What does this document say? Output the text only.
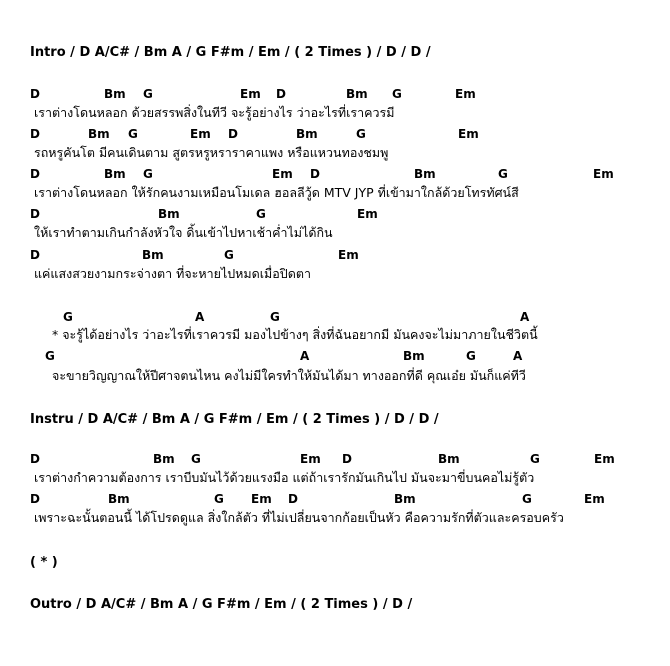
Intro / D A/C# / Bm A / G F#m / Em / ( 2 Times ) / D / D /
D	Bm G	Em D	Bm G	Em
เราต่างโดนหลอก ด้วยสรรพสิ่งในทีวี จะรู้อย่างไร ว่าอะไรที่เราควรมี
D	Bm G	Em D	Bm	G	Em
รถหรูคันโต มีคนเดินตาม สูตรหรูหราราคาแพง หรือแหวนทองชมพู
D	Bm G	Em D	Bm	G	Em
เราต่างโดนหลอก ให้รักคนงามเหมือนโมเดล ฮอลลีวู้ด MTV JYP ที่เข้ามาใกล้ด้วยโทรทัศน์สี
D	Bm	G	Em
ให้เราทำตามเกินกำลังหัวใจ ดิ้นเข้าไปหาเช้าค่ำไม่ได้กิน
D	Bm	G	Em
แค่แสงสวยงามกระจ่างตา ที่จะหายไปหมดเมื่อปิดตา
G	A	G	A
* จะรู้ได้อย่างไร ว่าอะไรที่เราควรมี มองไปข้างๆ สิ่งที่ฉันอยากมี มันคงจะไม่มาภายในชีวิตนี้
G	A	Bm	G	A
จะขายวิญญาณให้ปีศาจตนไหน คงไม่มีใครทำให้มันได้มา ทางออกที่ดี คุณเอ๋ย มันก็แค่ทีวี
Instru / D A/C# / Bm A / G F#m / Em / ( 2 Times ) / D / D /
D	Bm G	Em D	Bm	G	Em
เราต่างกำความต้องการ เราบีบมันไว้ด้วยแรงมือ แต่ถ้าเรารักมันเกินไป มันจะมาขี่บนคอไม่รู้ตัว
D	Bm	G Em D	Bm	G	Em
เพราะฉะนั้นตอนนี้ ได้โปรดดูแล สิ่งใกล้ตัว ที่ไม่เปลี่ยนจากก้อยเป็นหัว คือความรักที่ตัวและครอบครัว
( * )
Outro / D A/C# / Bm A / G F#m / Em / ( 2 Times ) / D /
